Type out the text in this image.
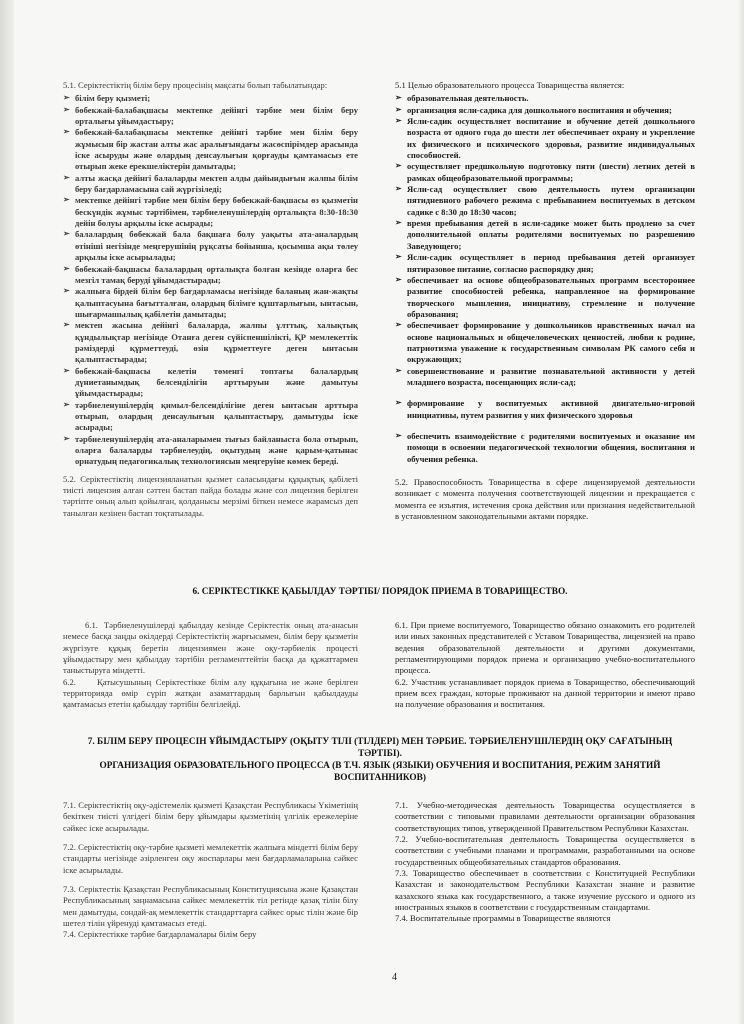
5.1. Серіктестіктің білім беру процесінің мақсаты болып табылатындар:

➢ білім беру қызметі;
➢ бөбекжай-балабақшасы мектепке дейінгі тәрбие мен білім беру орталығы ұйымдастыру;
➢ бөбекжай-балабақшасы мектепке дейінгі тәрбие мен білім беру жұмысын бір жастан алты жас аралығындағы жасөспірімдер арасында іске асыруды және олардың денсаулығын қорғауды қамтамасыз ете отырып жеке ерекшеліктерін дамытады;
➢ алты жасқа дейінгі балаларды мектеп алды дайындығын жалпы білім беру бағдарламасына сай жүргізіледі;
➢ мектепке дейінгі тәрбие мен білім беру бөбекжай-бақшасы өз қызметін бескүндік жұмыс тәртібімен, тәрбиеленушілердің орталықта 8:30-18:30 дейін болуы арқылы іске асырады;
➢ балалардың бөбекжай бала бақшаға болу уақыты ата-аналардың өтініші негізінде меңгерушінің рұқсаты бойынша, қосымша ақы төлеу арқылы іске асырылады;
➢ бөбекжай-бақшасы балалардың орталықта болған кезінде оларға бес мезгіл тамақ беруді ұйымдастырады;
➢ жалпыға бірдей білім бер бағдарламасы негізінде баланың жан-жақты қалыптасуына бағытталған, олардың білімге құштарлығын, ынтасын, шығармашылық қабілетін дамытады;
➢ мектеп жасына дейінгі балаларда, жалпы ұлттық, халықтық құндылықтар негізінде Отанға деген сүйіспеншілікті, ҚР мемлекеттік рәміздерді құрметтеуді, өзін құрметтеуге деген ынтасын қалыптастырады;
➢ бөбекжай-бақшасы келетін төменгі топтағы балалардың дүниетанымдық белсенділігін арттыруын және дамытуы ұйымдастырады;
➢ тәрбиеленушілердің қимыл-белсенділігіне деген ынтасын арттыра отырып, олардың денсаулығын қалыптастыру, дамытуды іске асырады;
➢ тәрбиеленушілердің ата-аналарымен тығыз байланыста бола отырып, оларға балаларды тәрбиелеудің, оқытудың және қарым-қатынас орнатудың педагогикалық технологиясын меңгеруіне көмек береді.

5.2. Серіктестіктің лицензияланатын қызмет саласындағы құқықтық қабілеті тиісті лицензия алған сәттен бастап пайда болады және сол лицензия берілген тәртіпте оның алып қойылған, қолданысы мерзімі біткен немесе жарамсыз деп танылған кезінен бастап тоқтатылады.

5.1 Целью образовательного процесса Товарищества является:

➢ образовательная деятельность.
➢ организация ясли-садика для дошкольного воспитания и обучения;
➢ Ясли-садик осуществляет воспитание и обучение детей дошкольного возраста от одного года до шести лет обеспечивает охрану и укрепление их физического и психического здоровья, развитие индивидуальных способностей.
➢ осуществляет предшкольную подготовку пяти (шести) летних детей в рамках общеобразовательной программы;
➢ Ясли-сад осуществляет свою деятельность путем организации пятидневного рабочего режима с пребыванием воспитуемых в детском садике с 8:30 до 18:30 часов;
➢ время пребывания детей в ясли-садике может быть продлено за счет дополнительной оплаты родителями воспитуемых по разрешению Заведующего;
➢ Ясли-садик осуществляет в период пребывания детей организует пятиразовое питание, согласно распорядку дня;
➢ обеспечивает на основе общеобразовательных программ всестороннее развитие способностей ребенка, направленное на формирование творческого мышления, инициативу, стремление и получение образования;
➢ обеспечивает формирование у дошкольников нравственных начал на основе национальных и общечеловеческих ценностей, любви к родине, патриотизма уважение к государственным символам РК самого себя и окружающих;
➢ совершенствование и развитие познавательной активности у детей младшего возраста, посещающих ясли-сад;
➢ формирование у воспитуемых активной двигательно-игровой инициативы, путем развития у них физического здоровья
➢ обеспечить взаимодействие с родителями воспитуемых и оказание им помощи в освоении педагогической технологии общения, воспитания и обучения ребенка.

5.2. Правоспособность Товарищества в сфере лицензируемой деятельности возникает с момента получения соответствующей лицензии и прекращается с момента ее изъятия, истечения срока действия или признания недействительной в установленном законодательными актами порядке.

6. СЕРІКТЕСТІККЕ ҚАБЫЛДАУ ТӘРТІБІ/ ПОРЯДОК ПРИЕМА В ТОВАРИЩЕСТВО.

6.1. Тәрбиеленушілерді қабылдау кезінде Серіктестік оның ата-анасын немесе басқа заңды өкілдерді Серіктестіктің жарғысымен, білім беру қызметін жүргізуге құқық беретін лицензиямен және оқу-тәрбиелік процесті ұйымдастыру мен қабылдау тәртібін регламенттейтін басқа да құжаттармен таныстыруға міндетті.

6.2. Қатысушының Серіктестікке білім алу құқығына ие және берілген территорияда өмір сүріп жатқан азаматтардың барлығын қабылдауды қамтамасыз ететін қабылдау тәртібін белгілейді.

6.1. При приеме воспитуемого, Товарищество обязано ознакомить его родителей или иных законных представителей с Уставом Товарищества, лицензией на право ведения образовательной деятельности и другими документами, регламентирующими порядок приема и организацию учебно-воспитательного процесса.

6.2. Участник устанавливает порядок приема в Товарищество, обеспечивающий прием всех граждан, которые проживают на данной территории и имеют право на получение образования и воспитания.

7. БІЛІМ БЕРУ ПРОЦЕСІН ҰЙЫМДАСТЫРУ (ОҚЫТУ ТІЛІ (ТІЛДЕРІ) МЕН ТӘРБИЕ. ТӘРБИЕЛЕНУШІЛЕРДІҢ ОҚУ САҒАТЫНЫҢ ТӘРТІБІ).
ОРГАНИЗАЦИЯ ОБРАЗОВАТЕЛЬНОГО ПРОЦЕССА (В Т.Ч. ЯЗЫК (ЯЗЫКИ) ОБУЧЕНИЯ И ВОСПИТАНИЯ, РЕЖИМ ЗАНЯТИЙ ВОСПИТАННИКОВ)

7.1. Серіктестіктің оқу-әдістемелік қызметі Қазақстан Республикасы Үкіметінің бекіткен тиісті үлгідегі білім беру ұйымдары қызметінің үлгілік ережелеріне сәйкес іске асырылады.

7.2. Серіктестіктің оқу-тәрбие қызметі мемлекеттік жалпыға міндетті білім беру стандарты негізінде әзірленген оқу жоспарлары мен бағдарламаларына сәйкес іске асырылады.

7.3. Серіктестік Қазақстан Республикасының Конституциясына және Қазақстан Республикасының заңнамасына сәйкес мемлекеттік тіл ретінде қазақ тілін білу мен дамытуды, сондай-ақ мемлекеттік стандарттарға сәйкес орыс тілін және бір шетел тілін үйренуді қамтамасыз етеді.

7.4. Серіктестікке тәрбие бағдарламалары білім беру

7.1. Учебно-методическая деятельность Товарищества осуществляется в соответствии с типовыми правилами деятельности организации образования соответствующих типов, утвержденной Правительством Республики Казахстан.

7.2. Учебно-воспитательная деятельность Товарищества осуществляется в соответствии с учебными планами и программами, разработанными на основе государственных общеобязательных стандартов образования.

7.3. Товарищество обеспечивает в соответствии с Конституцией Республики Казахстан и законодательством Республики Казахстан знание и развитие казахского языка как государственного, а также изучение русского и одного из иностранных языков в соответствии с государственным стандартами.

7.4. Воспитательные программы в Товариществе являются

4
